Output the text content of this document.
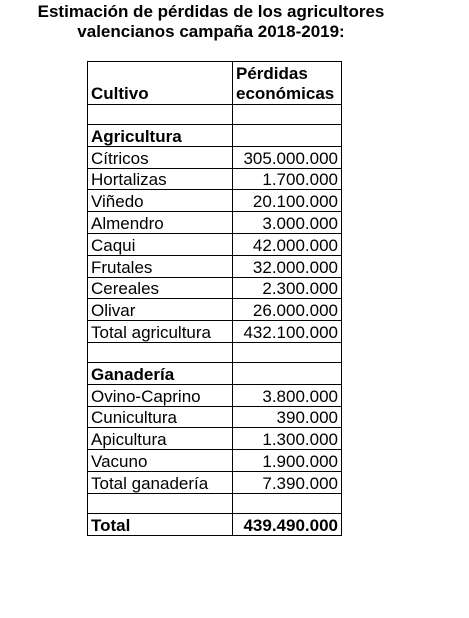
Estimación de pérdidas de los agricultores
valencianos campaña 2018-2019:
Cultivo	Pérdidas
económicas

Agricultura	
Cítricos	305.000.000
Hortalizas	1.700.000
Viñedo	20.100.000
Almendro	3.000.000
Caqui	42.000.000
Frutales	32.000.000
Cereales	2.300.000
Olivar	26.000.000
Total agricultura	432.100.000

Ganadería	
Ovino-Caprino	3.800.000
Cunicultura	390.000
Apicultura	1.300.000
Vacuno	1.900.000
Total ganadería	7.390.000

Total	439.490.000
